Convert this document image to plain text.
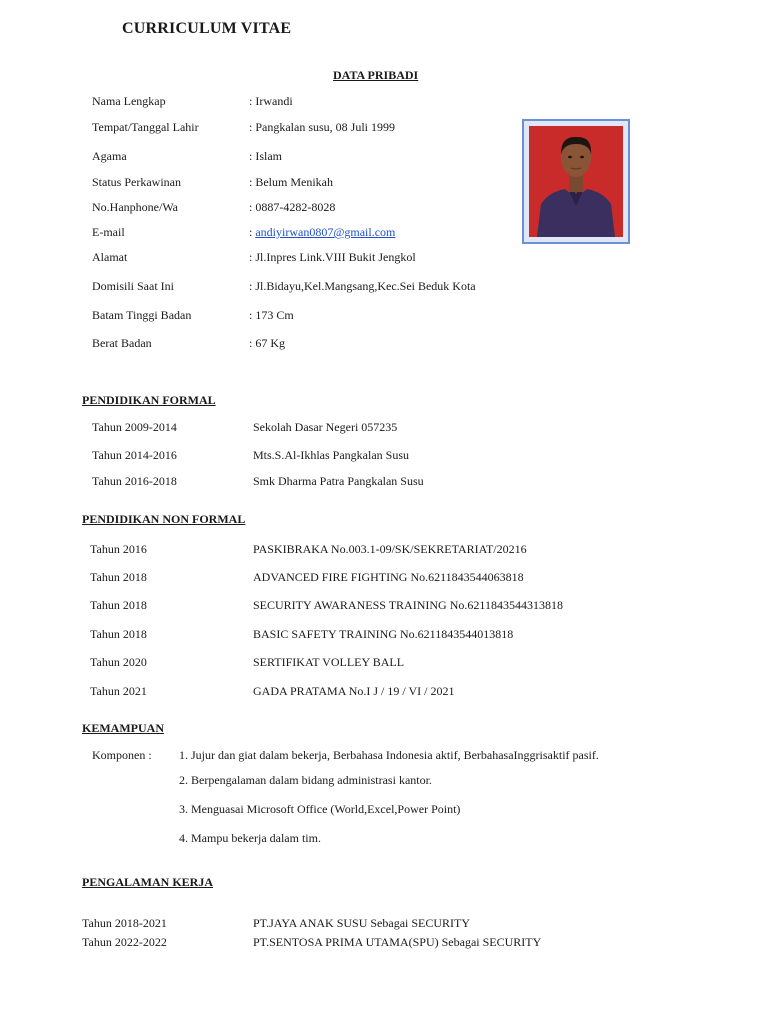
CURRICULUM VITAE
DATA PRIBADI
Nama Lengkap	: Irwandi
Tempat/Tanggal Lahir	: Pangkalan susu, 08 Juli 1999
Agama	: Islam
Status Perkawinan	: Belum Menikah
No.Hanphone/Wa	: 0887-4282-8028
E-mail	: andiyirwan0807@gmail.com
Alamat	: Jl.Inpres Link.VIII Bukit Jengkol
Domisili Saat Ini	: Jl.Bidayu,Kel.Mangsang,Kec.Sei Beduk Kota
Batam Tinggi Badan	: 173 Cm
Berat Badan	: 67 Kg
PENDIDIKAN FORMAL
Tahun 2009-2014	Sekolah Dasar Negeri 057235
Tahun 2014-2016	Mts.S.Al-Ikhlas Pangkalan Susu
Tahun 2016-2018	Smk Dharma Patra Pangkalan Susu
PENDIDIKAN NON FORMAL
Tahun 2016	PASKIBRAKA No.003.1-09/SK/SEKRETARIAT/20216
Tahun 2018	ADVANCED FIRE FIGHTING No.6211843544063818
Tahun 2018	SECURITY AWARANESS TRAINING No.6211843544313818
Tahun 2018	BASIC SAFETY TRAINING No.6211843544013818
Tahun 2020	SERTIFIKAT VOLLEY BALL
Tahun 2021	GADA PRATAMA No.I J / 19 / VI / 2021
KEMAMPUAN
Komponen : 1. Jujur dan giat dalam bekerja, Berbahasa Indonesia aktif, BerbahasaInggrisaktif pasif.
2. Berpengalaman dalam bidang administrasi kantor.
3. Menguasai Microsoft Office (World,Excel,Power Point)
4. Mampu bekerja dalam tim.
PENGALAMAN KERJA
Tahun 2018-2021	PT.JAYA ANAK SUSU Sebagai SECURITY
Tahun 2022-2022	PT.SENTOSA PRIMA UTAMA(SPU) Sebagai SECURITY
